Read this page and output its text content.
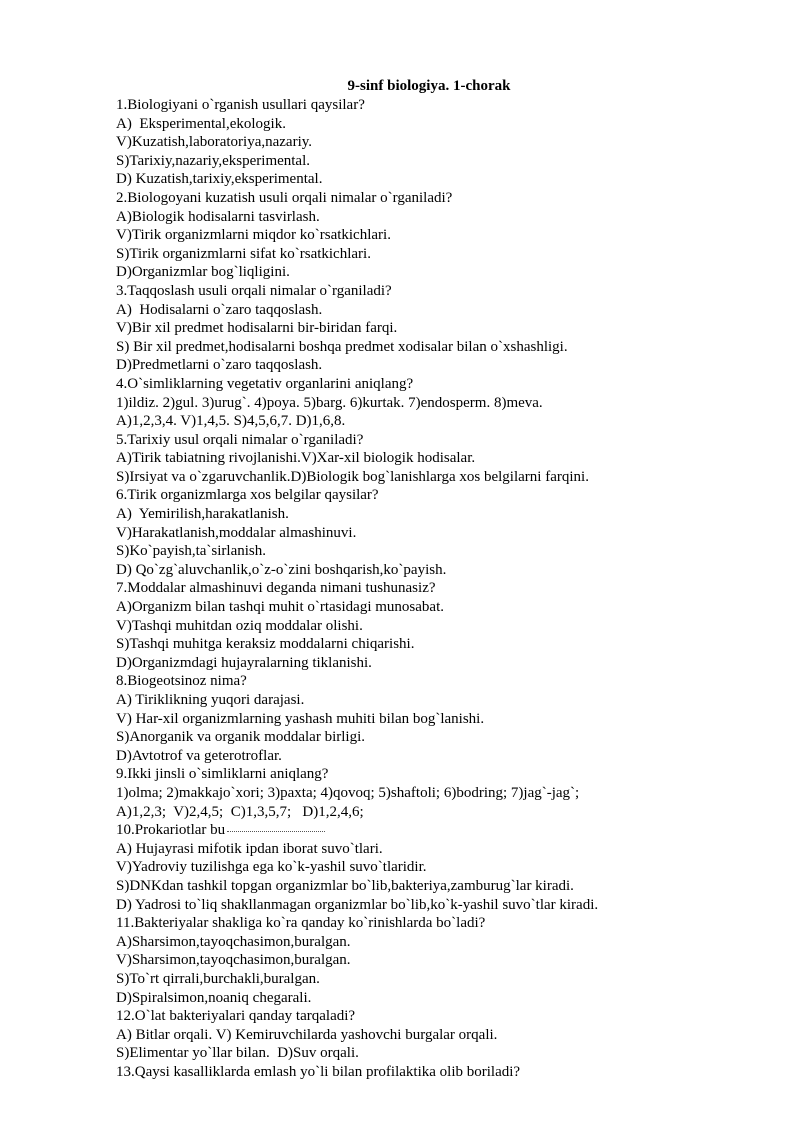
9-sinf biologiya. 1-chorak
1.Biologiyani o`rganish usullari qaysilar?
A)  Eksperimental,ekologik.
V)Kuzatish,laboratoriya,nazariy.
S)Tarixiy,nazariy,eksperimental.
D) Kuzatish,tarixiy,eksperimental.
2.Biologoyani kuzatish usuli orqali nimalar o`rganiladi?
A)Biologik hodisalarni tasvirlash.
V)Tirik organizmlarni miqdor ko`rsatkichlari.
S)Tirik organizmlarni sifat ko`rsatkichlari.
D)Organizmlar bog`liqligini.
3.Taqqoslash usuli orqali nimalar o`rganiladi?
A)  Hodisalarni o`zaro taqqoslash.
V)Bir xil predmet hodisalarni bir-biridan farqi.
S) Bir xil predmet,hodisalarni boshqa predmet xodisalar bilan o`xshashligi.
D)Predmetlarni o`zaro taqqoslash.
4.O`simliklarning vegetativ organlarini aniqlang?
1)ildiz. 2)gul. 3)urug`. 4)poya. 5)barg. 6)kurtak. 7)endosperm. 8)meva.
A)1,2,3,4. V)1,4,5. S)4,5,6,7. D)1,6,8.
5.Tarixiy usul orqali nimalar o`rganiladi?
A)Tirik tabiatning rivojlanishi.V)Xar-xil biologik hodisalar.
S)Irsiyat va o`zgaruvchanlik.D)Biologik bog`lanishlarga xos belgilarni farqini.
6.Tirik organizmlarga xos belgilar qaysilar?
A)  Yemirilish,harakatlanish.
V)Harakatlanish,moddalar almashinuvi.
S)Ko`payish,ta`sirlanish.
D) Qo`zg`aluvchanlik,o`z-o`zini boshqarish,ko`payish.
7.Moddalar almashinuvi deganda nimani tushunasiz?
A)Organizm bilan tashqi muhit o`rtasidagi munosabat.
V)Tashqi muhitdan oziq moddalar olishi.
S)Tashqi muhitga keraksiz moddalarni chiqarishi.
D)Organizmdagi hujayralarning tiklanishi.
8.Biogeotsinoz nima?
A) Tiriklikning yuqori darajasi.
V) Har-xil organizmlarning yashash muhiti bilan bog`lanishi.
S)Anorganik va organik moddalar birligi.
D)Avtotrof va geterotroflar.
9.Ikki jinsli o`simliklarni aniqlang?
1)olma; 2)makkajo`xori; 3)paxta; 4)qovoq; 5)shaftoli; 6)bodring; 7)jag`-jag`;
A)1,2,3;  V)2,4,5;  C)1,3,5,7;   D)1,2,4,6;
10.Prokariotlar bu
A) Hujayrasi mifotik ipdan iborat suvo`tlari.
V)Yadroviy tuzilishga ega ko`k-yashil suvo`tlaridir.
S)DNKdan tashkil topgan organizmlar bo`lib,bakteriya,zamburug`lar kiradi.
D) Yadrosi to`liq shakllanmagan organizmlar bo`lib,ko`k-yashil suvo`tlar kiradi.
11.Bakteriyalar shakliga ko`ra qanday ko`rinishlarda bo`ladi?
A)Sharsimon,tayoqchasimon,buralgan.
V)Sharsimon,tayoqchasimon,buralgan.
S)To`rt qirrali,burchakli,buralgan.
D)Spiralsimon,noaniq chegarali.
12.O`lat bakteriyalari qanday tarqaladi?
A) Bitlar orqali. V) Kemiruvchilarda yashovchi burgalar orqali.
S)Elimentar yo`llar bilan.  D)Suv orqali.
13.Qaysi kasalliklarda emlash yo`li bilan profilaktika olib boriladi?
